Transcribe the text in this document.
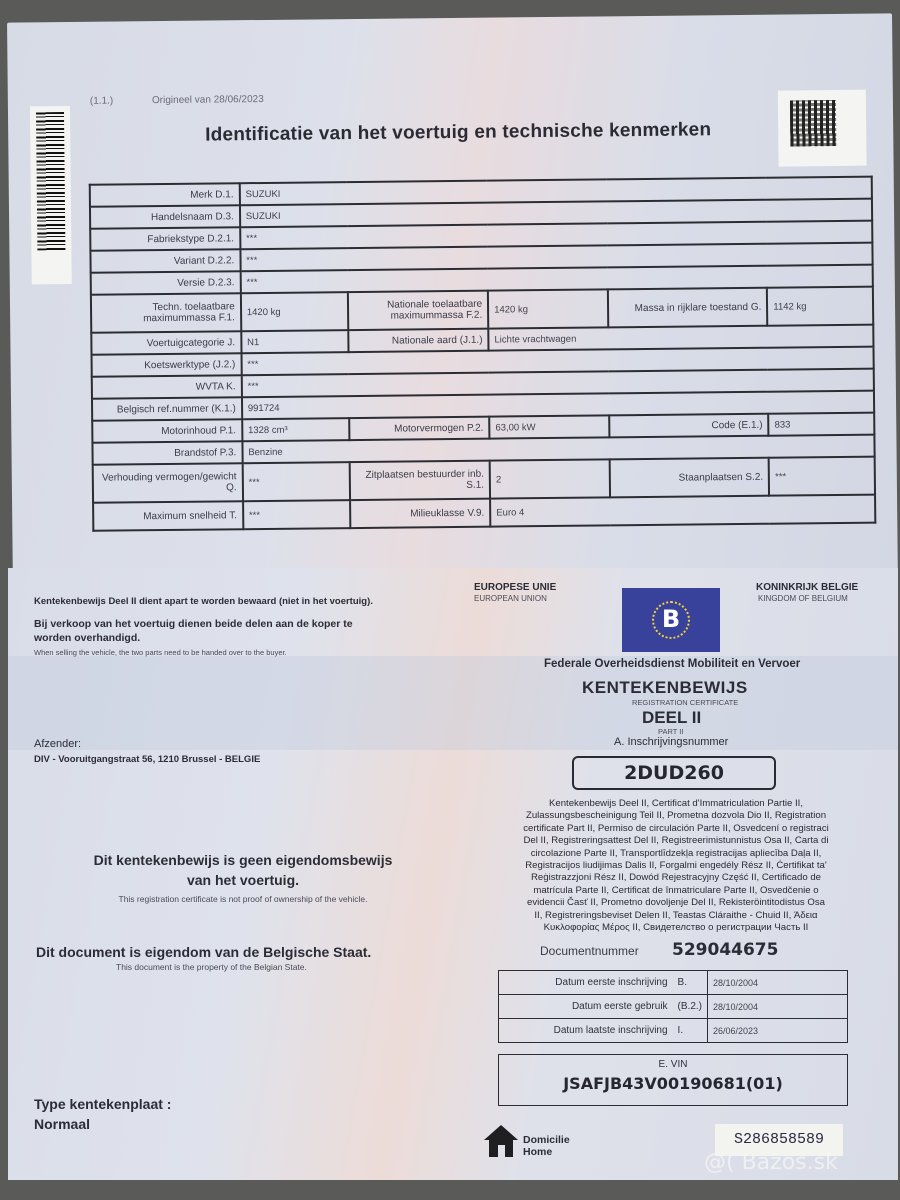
(1.1.)	Origineel van 28/06/2023
Identificatie van het voertuig en technische kenmerken
Merk D.1.	SUZUKI				
Handelsnaam D.3.	SUZUKI				
Fabriekstype D.2.1.	***				
Variant D.2.2.	***				
Versie D.2.3.	***				
Techn. toelaatbare maximummassa F.1.	1420 kg	Nationale toelaatbare maximummassa F.2.	1420 kg	Massa in rijklare toestand G.	1142 kg
Voertuigcategorie J.	N1	Nationale aard (J.1.)	Lichte vrachtwagen		
Koetswerktype (J.2.)	***				
WVTA K.	***				
Belgisch ref.nummer (K.1.)	991724				
Motorinhoud P.1.	1328 cm³	Motorvermogen P.2.	63,00 kW	Code (E.1.)	833
Brandstof P.3.	Benzine				
Verhouding vermogen/gewicht Q.	***	Zitplaatsen bestuurder inb. S.1.	2	Staanplaatsen S.2.	***
Maximum snelheid T.	***	Milieuklasse V.9.	Euro 4		
Kentekenbewijs Deel II dient apart te worden bewaard (niet in het voertuig).
Bij verkoop van het voertuig dienen beide delen aan de koper te
worden overhandigd.
When selling the vehicle, the two parts need to be handed over to the buyer.
EUROPESE UNIE
EUROPEAN UNION
KONINKRIJK BELGIE
KINGDOM OF BELGIUM
B
Federale Overheidsdienst Mobiliteit en Vervoer
KENTEKENBEWIJS
REGISTRATION CERTIFICATE
DEEL II
PART II
A. Inschrijvingsnummer
2DUD260
Afzender:
DIV - Vooruitgangstraat 56, 1210 Brussel - BELGIE
Kentekenbewijs Deel II, Certificat d'Immatriculation Partie II,
Zulassungsbescheinigung Teil II, Prometna dozvola Dio II, Registration
certificate Part II, Permiso de circulación Parte II, Osvedcení o registraci
Del II, Registreringsattest Del II, Registreerimistunnistus Osa II, Carta di
circolazione Parte II, Transportlīdzekļa registracijas apliecība Daļa II,
Registracijos liudijimas Dalis II, Forgalmi engedély Rész II, Ċertifikat ta'
Reġistrazzjoni Rész II, Dowód Rejestracyjny Część II, Certificado de
matrícula Parte II, Certificat de înmatriculare Parte II, Osvedčenie o
evidencii Časť II, Prometno dovoljenje Del II, Rekisteröintitodistus Osa
II, Registreringsbeviset Delen II, Teastas Cláraithe - Chuid II, Άδεια
Κυκλοφορίας Μέρος II, Свидетелство о регистрации Часть II
Dit kentekenbewijs is geen eigendomsbewijs
van het voertuig.
This registration certificate is not proof of ownership of the vehicle.
Dit document is eigendom van de Belgische Staat.
This document is the property of the Belgian State.
Documentnummer 529044675
Datum eerste inschrijving	B.	28/10/2004
Datum eerste gebruik	(B.2.)	28/10/2004
Datum laatste inschrijving	I.	26/06/2023
E. VIN
JSAFJB43V00190681(01)
Type kentekenplaat :
Normaal
Domicilie
Home
S286858589
@( Bazos.sk
